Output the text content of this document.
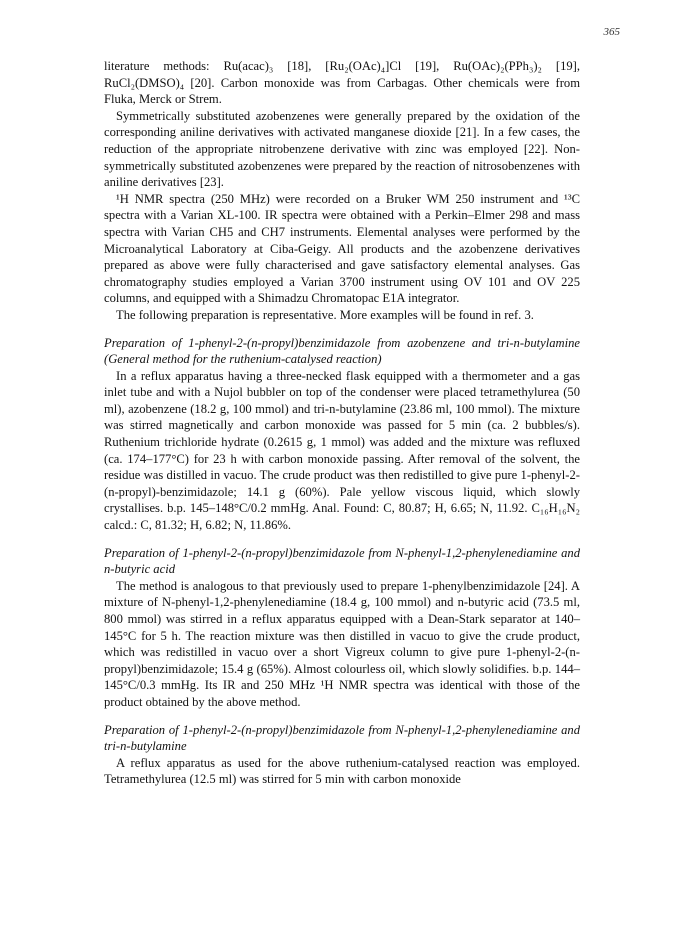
365

literature methods: Ru(acac)₃ [18], [Ru₂(OAc)₄]Cl [19], Ru(OAc)₂(PPh₃)₂ [19], RuCl₂(DMSO)₄ [20]. Carbon monoxide was from Carbagas. Other chemicals were from Fluka, Merck or Strem.

Symmetrically substituted azobenzenes were generally prepared by the oxidation of the corresponding aniline derivatives with activated manganese dioxide [21]. In a few cases, the reduction of the appropriate nitrobenzene derivative with zinc was employed [22]. Non-symmetrically substituted azobenzenes were prepared by the reaction of nitrosobenzenes with aniline derivatives [23].

¹H NMR spectra (250 MHz) were recorded on a Bruker WM 250 instrument and ¹³C spectra with a Varian XL-100. IR spectra were obtained with a Perkin–Elmer 298 and mass spectra with Varian CH5 and CH7 instruments. Elemental analyses were performed by the Microanalytical Laboratory at Ciba-Geigy. All products and the azobenzene derivatives prepared as above were fully characterised and gave satisfactory elemental analyses. Gas chromatography studies employed a Varian 3700 instrument using OV 101 and OV 225 columns, and equipped with a Shimadzu Chromatopac E1A integrator.

The following preparation is representative. More examples will be found in ref. 3.

Preparation of 1-phenyl-2-(n-propyl)benzimidazole from azobenzene and tri-n-butylamine (General method for the ruthenium-catalysed reaction)

In a reflux apparatus having a three-necked flask equipped with a thermometer and a gas inlet tube and with a Nujol bubbler on top of the condenser were placed tetramethylurea (50 ml), azobenzene (18.2 g, 100 mmol) and tri-n-butylamine (23.86 ml, 100 mmol). The mixture was stirred magnetically and carbon monoxide was passed for 5 min (ca. 2 bubbles/s). Ruthenium trichloride hydrate (0.2615 g, 1 mmol) was added and the mixture was refluxed (ca. 174–177°C) for 23 h with carbon monoxide passing. After removal of the solvent, the residue was distilled in vacuo. The crude product was then redistilled to give pure 1-phenyl-2-(n-propyl)-benzimidazole; 14.1 g (60%). Pale yellow viscous liquid, which slowly crystallises. b.p. 145–148°C/0.2 mmHg. Anal. Found: C, 80.87; H, 6.65; N, 11.92. C₁₆H₁₆N₂ calcd.: C, 81.32; H, 6.82; N, 11.86%.

Preparation of 1-phenyl-2-(n-propyl)benzimidazole from N-phenyl-1,2-phenylenediamine and n-butyric acid

The method is analogous to that previously used to prepare 1-phenylbenzimidazole [24]. A mixture of N-phenyl-1,2-phenylenediamine (18.4 g, 100 mmol) and n-butyric acid (73.5 ml, 800 mmol) was stirred in a reflux apparatus equipped with a Dean-Stark separator at 140–145°C for 5 h. The reaction mixture was then distilled in vacuo to give the crude product, which was redistilled in vacuo over a short Vigreux column to give pure 1-phenyl-2-(n-propyl)benzimidazole; 15.4 g (65%). Almost colourless oil, which slowly solidifies. b.p. 144–145°C/0.3 mmHg. Its IR and 250 MHz ¹H NMR spectra was identical with those of the product obtained by the above method.

Preparation of 1-phenyl-2-(n-propyl)benzimidazole from N-phenyl-1,2-phenylenediamine and tri-n-butylamine

A reflux apparatus as used for the above ruthenium-catalysed reaction was employed. Tetramethylurea (12.5 ml) was stirred for 5 min with carbon monoxide
